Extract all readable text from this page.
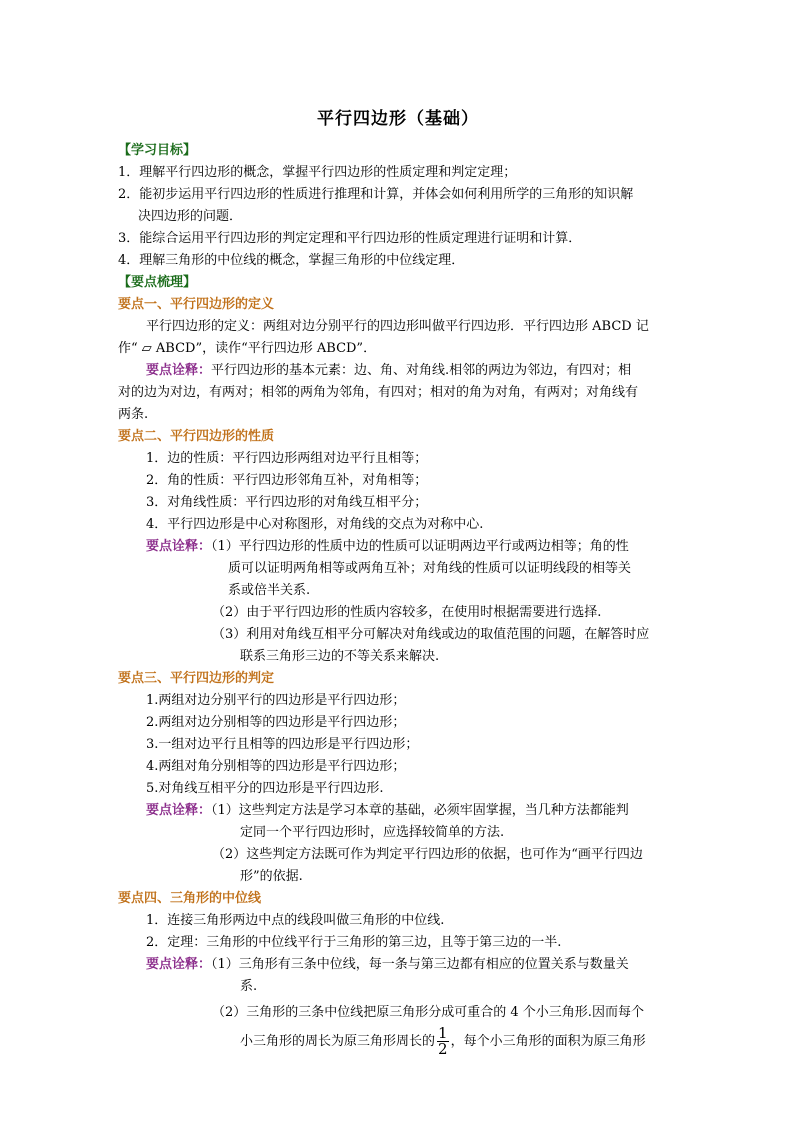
平行四边形（基础）
【学习目标】
1．理解平行四边形的概念，掌握平行四边形的性质定理和判定定理；
2．能初步运用平行四边形的性质进行推理和计算，并体会如何利用所学的三角形的知识解
决四边形的问题．
3．能综合运用平行四边形的判定定理和平行四边形的性质定理进行证明和计算．
4．理解三角形的中位线的概念，掌握三角形的中位线定理．
【要点梳理】
要点一、平行四边形的定义
平行四边形的定义：两组对边分别平行的四边形叫做平行四边形．平行四边形 ABCD 记
作“ ▱ ABCD”，读作“平行四边形 ABCD”．
要点诠释：平行四边形的基本元素：边、角、对角线.相邻的两边为邻边，有四对；相
对的边为对边，有两对；相邻的两角为邻角，有四对；相对的角为对角，有两对；对角线有
两条.
要点二、平行四边形的性质
1．边的性质：平行四边形两组对边平行且相等；
2．角的性质：平行四边形邻角互补，对角相等；
3．对角线性质：平行四边形的对角线互相平分；
4．平行四边形是中心对称图形，对角线的交点为对称中心.
要点诠释：（1）平行四边形的性质中边的性质可以证明两边平行或两边相等；角的性
质可以证明两角相等或两角互补；对角线的性质可以证明线段的相等关
系或倍半关系.
（2）由于平行四边形的性质内容较多，在使用时根据需要进行选择.
（3）利用对角线互相平分可解决对角线或边的取值范围的问题，在解答时应
联系三角形三边的不等关系来解决.
要点三、平行四边形的判定
1.两组对边分别平行的四边形是平行四边形；
2.两组对边分别相等的四边形是平行四边形；
3.一组对边平行且相等的四边形是平行四边形；
4.两组对角分别相等的四边形是平行四边形；
5.对角线互相平分的四边形是平行四边形.
要点诠释：（1）这些判定方法是学习本章的基础，必须牢固掌握，当几种方法都能判
定同一个平行四边形时，应选择较简单的方法.
（2）这些判定方法既可作为判定平行四边形的依据，也可作为“画平行四边
形”的依据.
要点四、三角形的中位线
1．连接三角形两边中点的线段叫做三角形的中位线.
2．定理：三角形的中位线平行于三角形的第三边，且等于第三边的一半.
要点诠释：（1）三角形有三条中位线，每一条与第三边都有相应的位置关系与数量关
系.
（2）三角形的三条中位线把原三角形分成可重合的 4 个小三角形.因而每个
小三角形的周长为原三角形周长的 $\frac{1}{2}$ ，每个小三角形的面积为原三角形
